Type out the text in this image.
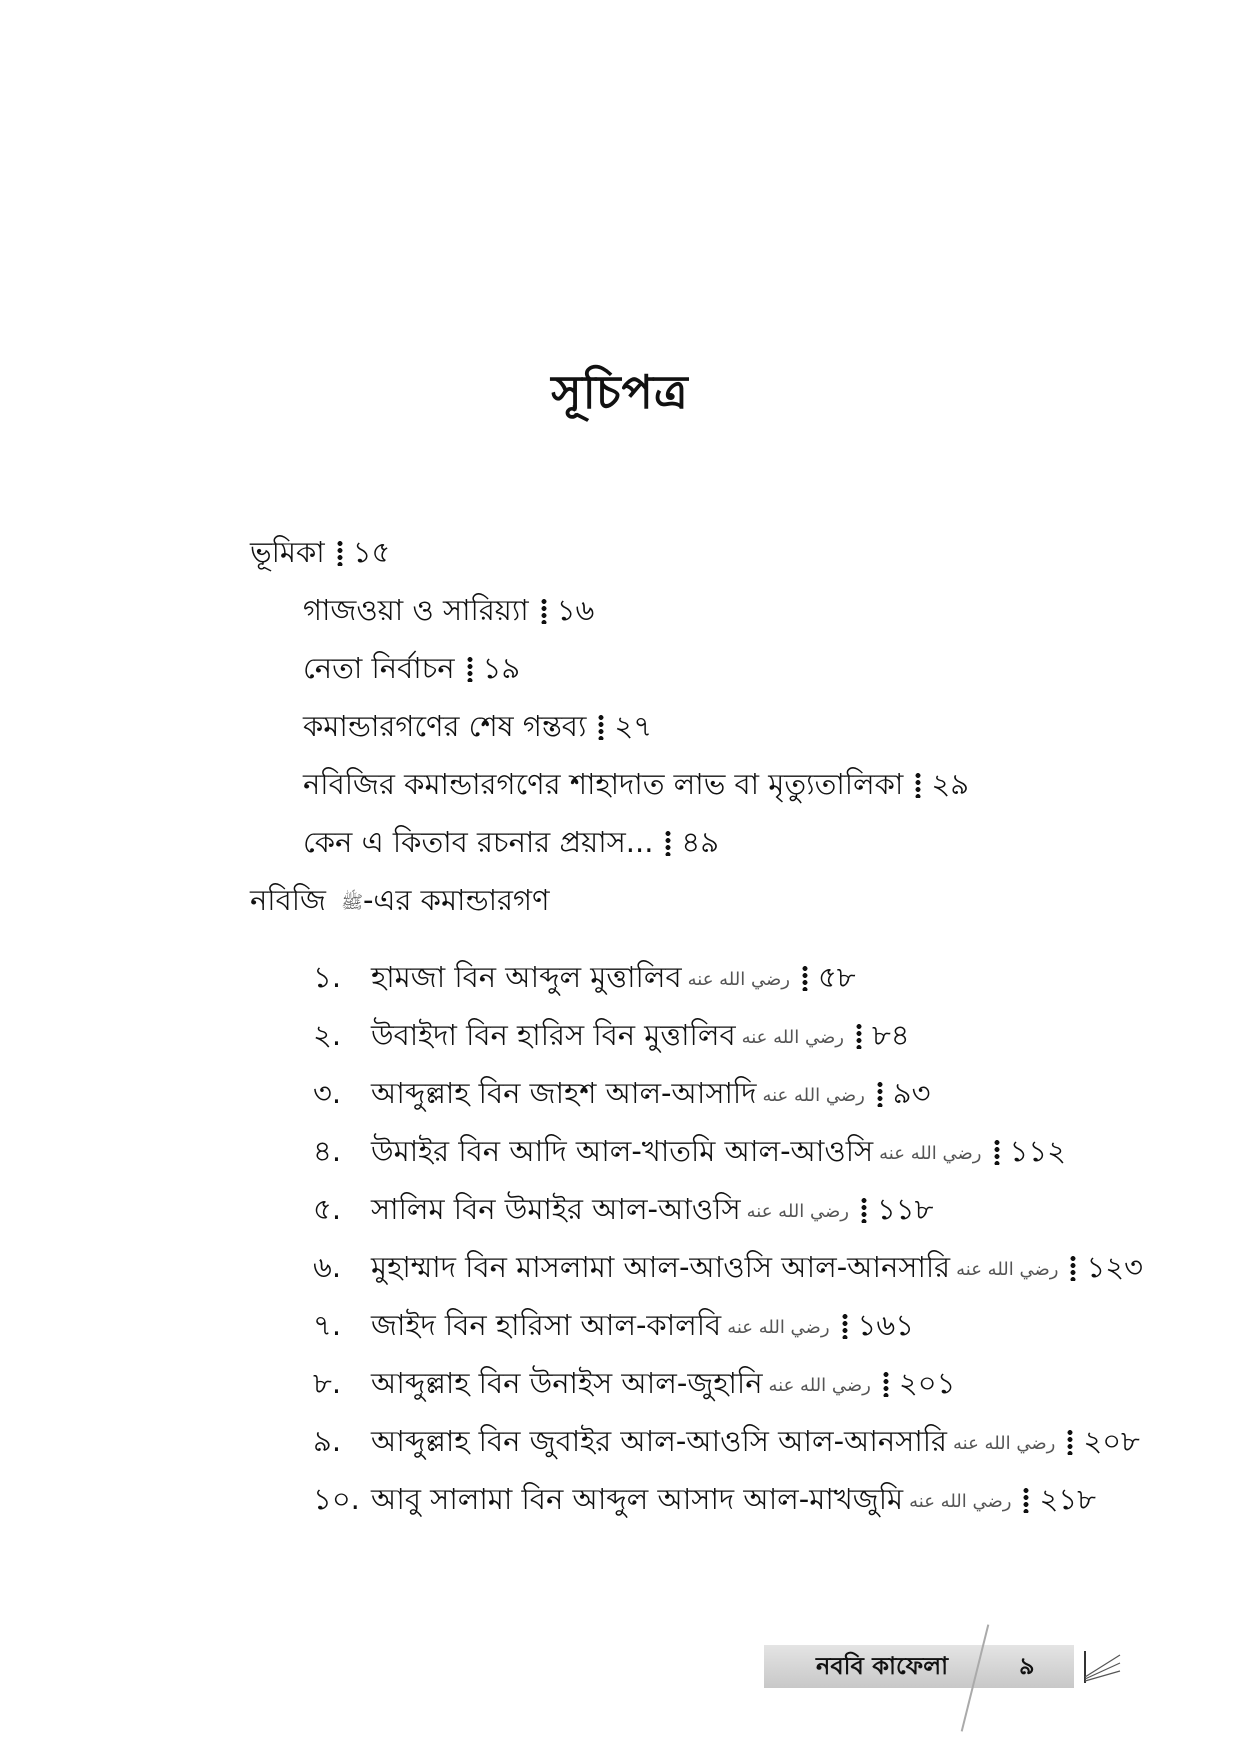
সূচিপত্র
ভূমিকা ১৫
গাজওয়া ও সারিয়্যা ১৬
নেতা নির্বাচন ১৯
কমান্ডারগণের শেষ গন্তব্য ২৭
নবিজির কমান্ডারগণের শাহাদাত লাভ বা মৃত্যুতালিকা ২৯
কেন এ কিতাব রচনার প্রয়াস... ৪৯
নবিজি ﷺ-এর কমান্ডারগণ
১. হামজা বিন আব্দুল মুত্তালিব رضي الله عنه ৫৮
২. উবাইদা বিন হারিস বিন মুত্তালিব رضي الله عنه ৮৪
৩. আব্দুল্লাহ বিন জাহশ আল-আসাদি رضي الله عنه ৯৩
৪. উমাইর বিন আদি আল-খাতমি আল-আওসি رضي الله عنه ১১২
৫. সালিম বিন উমাইর আল-আওসি رضي الله عنه ১১৮
৬. মুহাম্মাদ বিন মাসলামা আল-আওসি আল-আনসারি رضي الله عنه ১২৩
৭. জাইদ বিন হারিসা আল-কালবি رضي الله عنه ১৬১
৮. আব্দুল্লাহ বিন উনাইস আল-জুহানি رضي الله عنه ২০১
৯. আব্দুল্লাহ বিন জুবাইর আল-আওসি আল-আনসারি رضي الله عنه ২০৮
১০. আবু সালামা বিন আব্দুল আসাদ আল-মাখজুমি رضي الله عنه ২১৮
নববি কাফেলা	৯
